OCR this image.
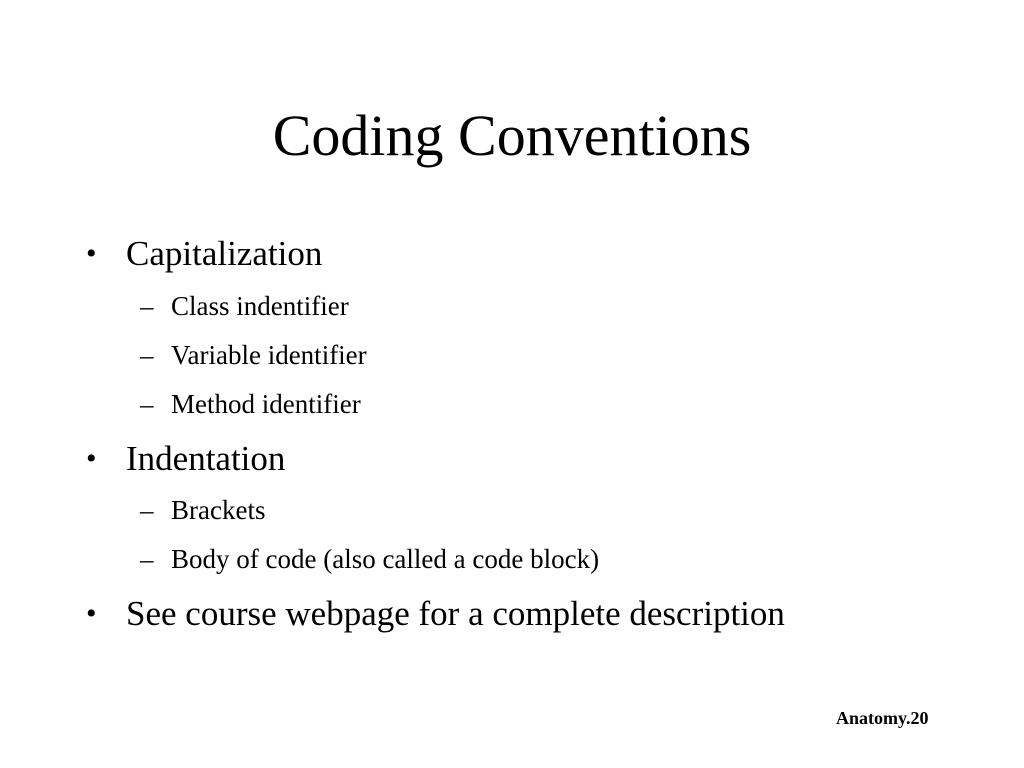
Coding Conventions
• Capitalization
– Class indentifier
– Variable identifier
– Method identifier
• Indentation
– Brackets
– Body of code (also called a code block)
• See course webpage for a complete description
Anatomy.20
